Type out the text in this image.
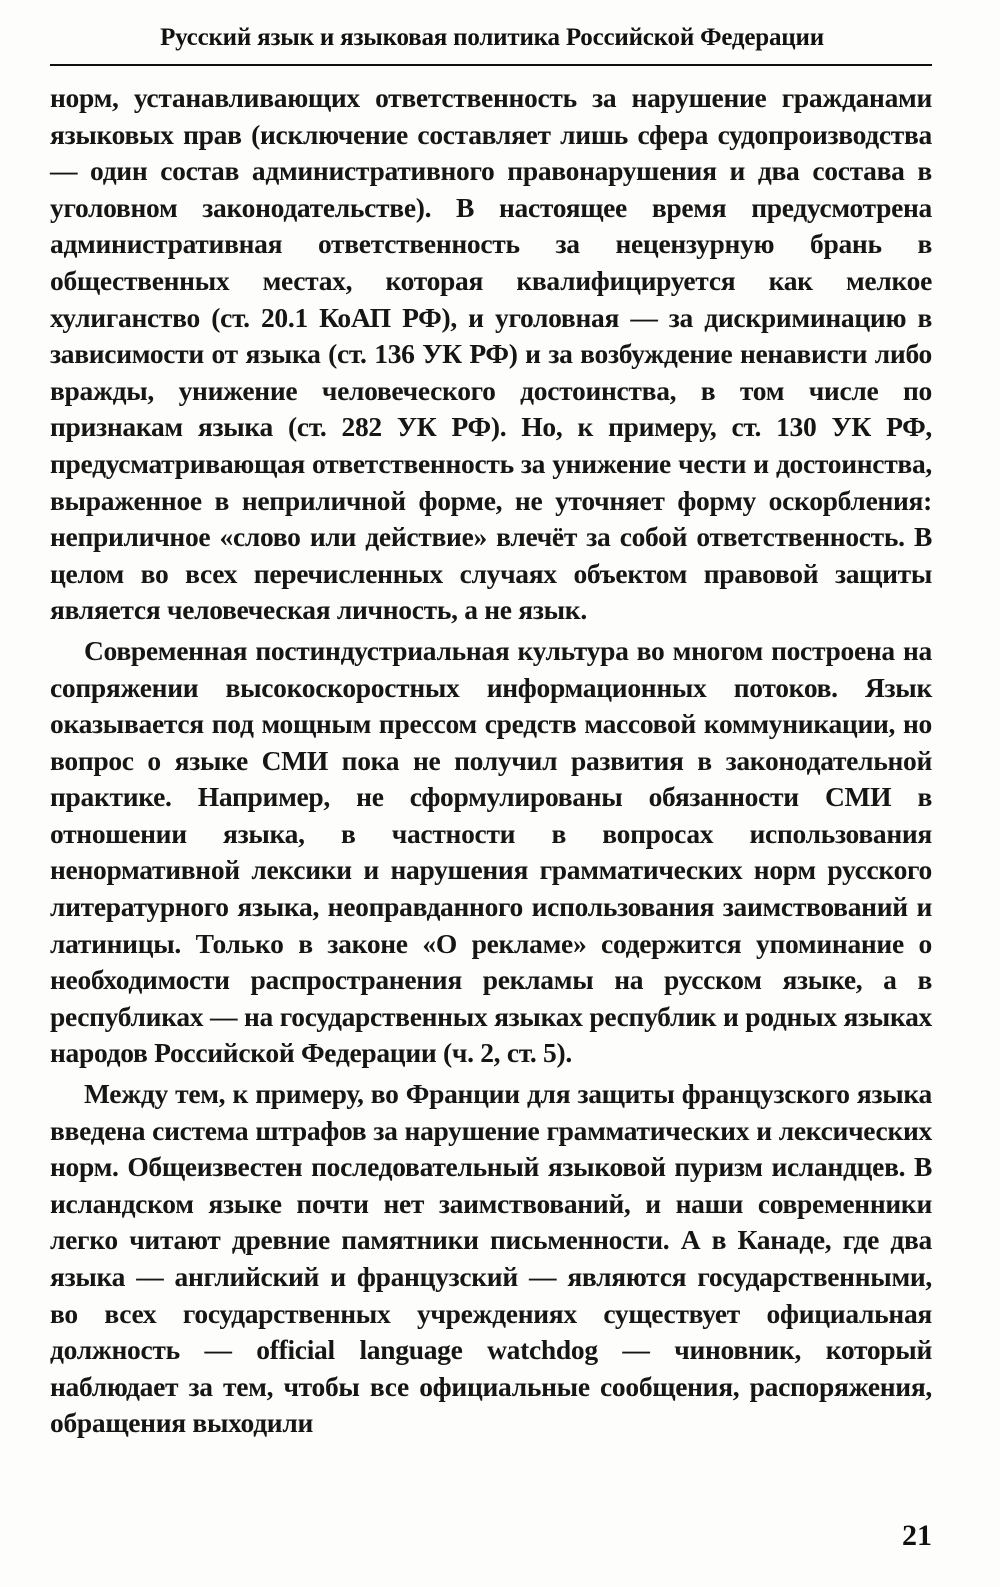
Русский язык и языковая политика Российской Федерации

норм, устанавливающих ответственность за нарушение гражданами языковых прав (исключение составляет лишь сфера судопроизводства — один состав административного правонарушения и два состава в уголовном законодательстве). В настоящее время предусмотрена административная ответственность за нецензурную брань в общественных местах, которая квалифицируется как мелкое хулиганство (ст. 20.1 КоАП РФ), и уголовная — за дискриминацию в зависимости от языка (ст. 136 УК РФ) и за возбуждение ненависти либо вражды, унижение человеческого достоинства, в том числе по признакам языка (ст. 282 УК РФ). Но, к примеру, ст. 130 УК РФ, предусматривающая ответственность за унижение чести и достоинства, выраженное в неприличной форме, не уточняет форму оскорбления: неприличное «слово или действие» влечёт за собой ответственность. В целом во всех перечисленных случаях объектом правовой защиты является человеческая личность, а не язык.

Современная постиндустриальная культура во многом построена на сопряжении высокоскоростных информационных потоков. Язык оказывается под мощным прессом средств массовой коммуникации, но вопрос о языке СМИ пока не получил развития в законодательной практике. Например, не сформулированы обязанности СМИ в отношении языка, в частности в вопросах использования ненормативной лексики и нарушения грамматических норм русского литературного языка, неоправданного использования заимствований и латиницы. Только в законе «О рекламе» содержится упоминание о необходимости распространения рекламы на русском языке, а в республиках — на государственных языках республик и родных языках народов Российской Федерации (ч. 2, ст. 5).

Между тем, к примеру, во Франции для защиты французского языка введена система штрафов за нарушение грамматических и лексических норм. Общеизвестен последовательный языковой пуризм исландцев. В исландском языке почти нет заимствований, и наши современники легко читают древние памятники письменности. А в Канаде, где два языка — английский и французский — являются государственными, во всех государственных учреждениях существует официальная должность — official language watchdog — чиновник, который наблюдает за тем, чтобы все официальные сообщения, распоряжения, обращения выходили

21
